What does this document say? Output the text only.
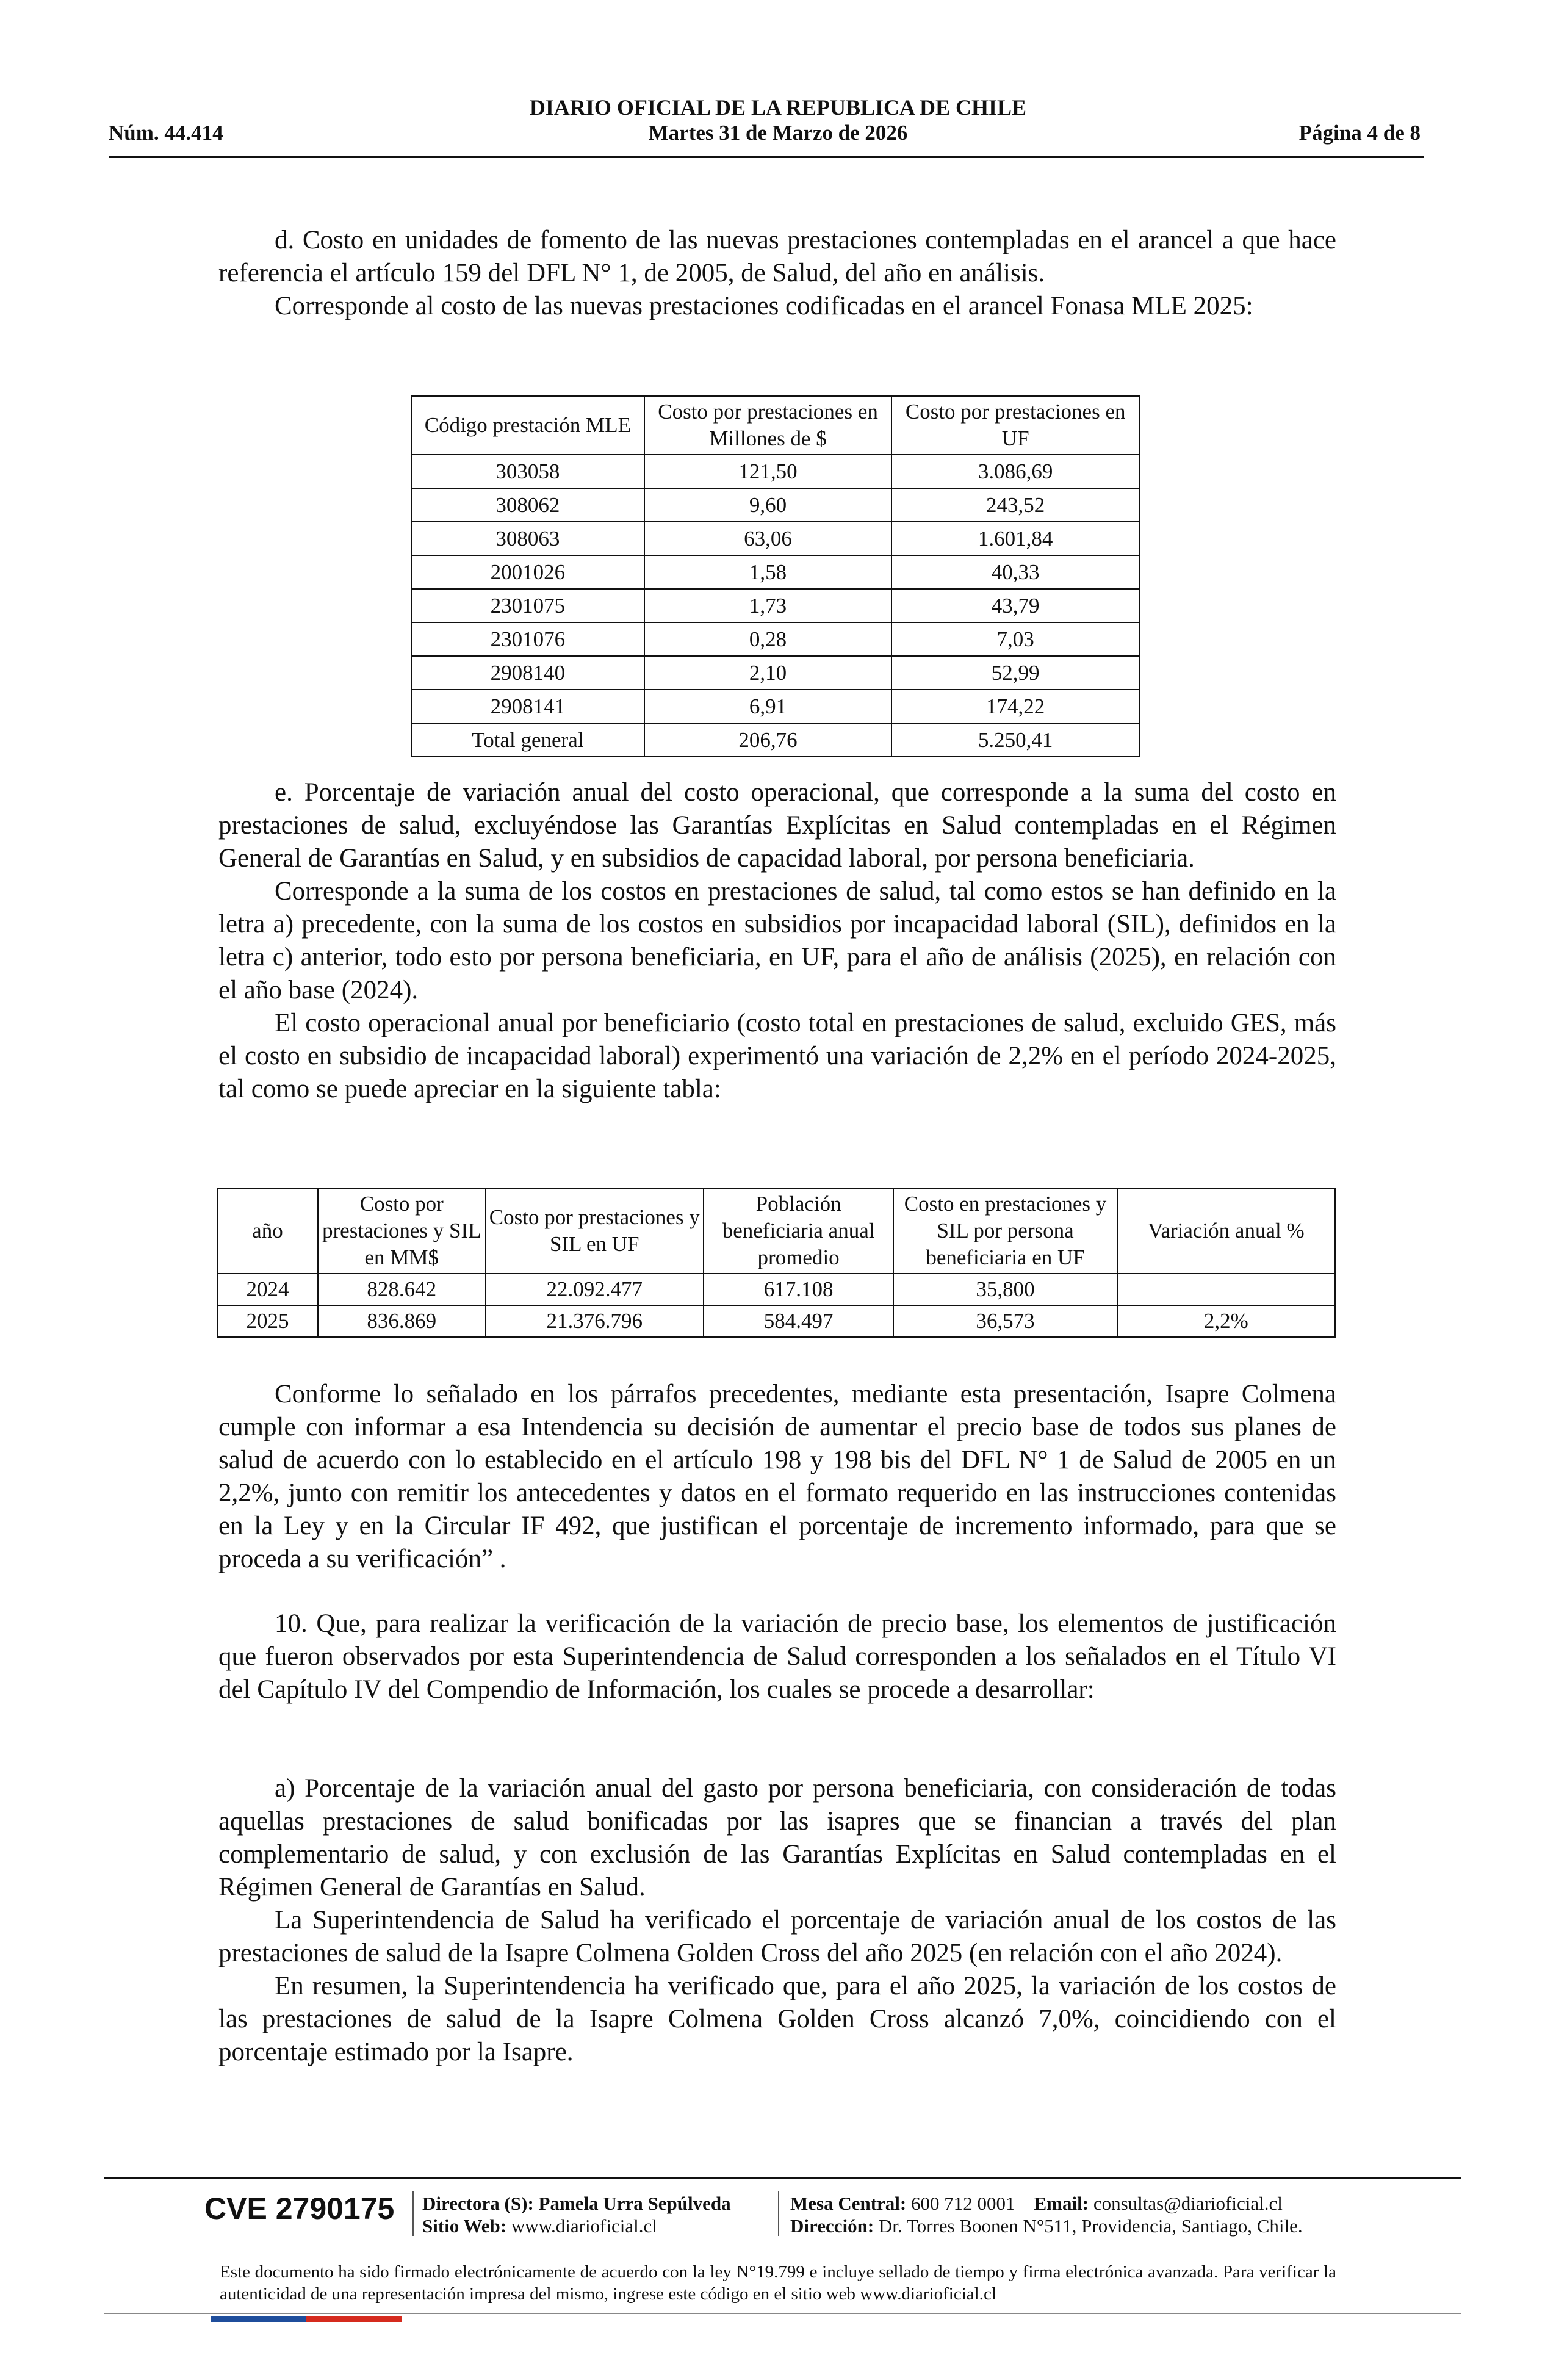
DIARIO OFICIAL DE LA REPUBLICA DE CHILE
Núm. 44.414	Martes 31 de Marzo de 2026	Página 4 de 8

d. Costo en unidades de fomento de las nuevas prestaciones contempladas en el arancel a que hace referencia el artículo 159 del DFL N° 1, de 2005, de Salud, del año en análisis.

Corresponde al costo de las nuevas prestaciones codificadas en el arancel Fonasa MLE 2025:

Código prestación MLE	Costo por prestaciones en Millones de $	Costo por prestaciones en UF
303058	121,50	3.086,69
308062	9,60	243,52
308063	63,06	1.601,84
2001026	1,58	40,33
2301075	1,73	43,79
2301076	0,28	7,03
2908140	2,10	52,99
2908141	6,91	174,22
Total general	206,76	5.250,41

e. Porcentaje de variación anual del costo operacional, que corresponde a la suma del costo en prestaciones de salud, excluyéndose las Garantías Explícitas en Salud contempladas en el Régimen General de Garantías en Salud, y en subsidios de capacidad laboral, por persona beneficiaria.

Corresponde a la suma de los costos en prestaciones de salud, tal como estos se han definido en la letra a) precedente, con la suma de los costos en subsidios por incapacidad laboral (SIL), definidos en la letra c) anterior, todo esto por persona beneficiaria, en UF, para el año de análisis (2025), en relación con el año base (2024).

El costo operacional anual por beneficiario (costo total en prestaciones de salud, excluido GES, más el costo en subsidio de incapacidad laboral) experimentó una variación de 2,2% en el período 2024-2025, tal como se puede apreciar en la siguiente tabla:

año	Costo por prestaciones y SIL en MM$	Costo por prestaciones y SIL en UF	Población beneficiaria anual promedio	Costo en prestaciones y SIL por persona beneficiaria en UF	Variación anual %
2024	828.642	22.092.477	617.108	35,800	
2025	836.869	21.376.796	584.497	36,573	2,2%

Conforme lo señalado en los párrafos precedentes, mediante esta presentación, Isapre Colmena cumple con informar a esa Intendencia su decisión de aumentar el precio base de todos sus planes de salud de acuerdo con lo establecido en el artículo 198 y 198 bis del DFL N° 1 de Salud de 2005 en un 2,2%, junto con remitir los antecedentes y datos en el formato requerido en las instrucciones contenidas en la Ley y en la Circular IF 492, que justifican el porcentaje de incremento informado, para que se proceda a su verificación” .

10. Que, para realizar la verificación de la variación de precio base, los elementos de justificación que fueron observados por esta Superintendencia de Salud corresponden a los señalados en el Título VI del Capítulo IV del Compendio de Información, los cuales se procede a desarrollar:

a) Porcentaje de la variación anual del gasto por persona beneficiaria, con consideración de todas aquellas prestaciones de salud bonificadas por las isapres que se financian a través del plan complementario de salud, y con exclusión de las Garantías Explícitas en Salud contempladas en el Régimen General de Garantías en Salud.

La Superintendencia de Salud ha verificado el porcentaje de variación anual de los costos de las prestaciones de salud de la Isapre Colmena Golden Cross del año 2025 (en relación con el año 2024).

En resumen, la Superintendencia ha verificado que, para el año 2025, la variación de los costos de las prestaciones de salud de la Isapre Colmena Golden Cross alcanzó 7,0%, coincidiendo con el porcentaje estimado por la Isapre.

CVE 2790175 Directora (S): Pamela Urra Sepúlveda
Sitio Web: www.diarioficial.cl
Mesa Central: 600 712 0001 Email: consultas@diarioficial.cl
Dirección: Dr. Torres Boonen N°511, Providencia, Santiago, Chile.
Este documento ha sido firmado electrónicamente de acuerdo con la ley N°19.799 e incluye sellado de tiempo y firma electrónica avanzada. Para verificar la autenticidad de una representación impresa del mismo, ingrese este código en el sitio web www.diarioficial.cl
